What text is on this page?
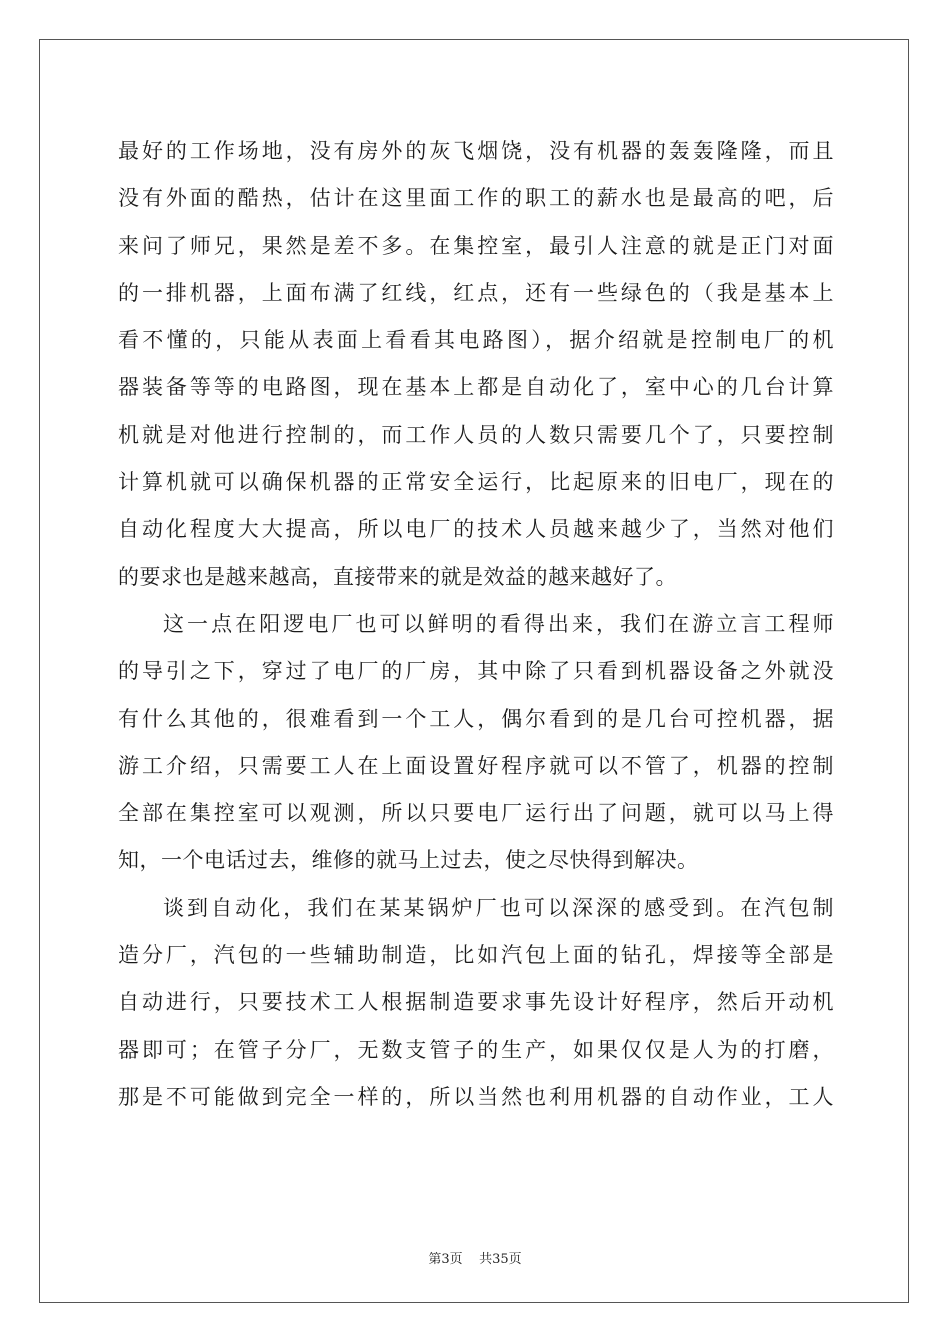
最好的工作场地，没有房外的灰飞烟饶，没有机器的轰轰隆隆，而且
没有外面的酷热，估计在这里面工作的职工的薪水也是最高的吧，后
来问了师兄，果然是差不多。在集控室，最引人注意的就是正门对面
的一排机器，上面布满了红线，红点，还有一些绿色的（我是基本上
看不懂的，只能从表面上看看其电路图），据介绍就是控制电厂的机
器装备等等的电路图，现在基本上都是自动化了，室中心的几台计算
机就是对他进行控制的，而工作人员的人数只需要几个了，只要控制
计算机就可以确保机器的正常安全运行，比起原来的旧电厂，现在的
自动化程度大大提高，所以电厂的技术人员越来越少了，当然对他们
的要求也是越来越高，直接带来的就是效益的越来越好了。
这一点在阳逻电厂也可以鲜明的看得出来，我们在游立言工程师
的导引之下，穿过了电厂的厂房，其中除了只看到机器设备之外就没
有什么其他的，很难看到一个工人，偶尔看到的是几台可控机器，据
游工介绍，只需要工人在上面设置好程序就可以不管了，机器的控制
全部在集控室可以观测，所以只要电厂运行出了问题，就可以马上得
知，一个电话过去，维修的就马上过去，使之尽快得到解决。
谈到自动化，我们在某某锅炉厂也可以深深的感受到。在汽包制
造分厂，汽包的一些辅助制造，比如汽包上面的钻孔，焊接等全部是
自动进行，只要技术工人根据制造要求事先设计好程序，然后开动机
器即可；在管子分厂，无数支管子的生产，如果仅仅是人为的打磨，
那是不可能做到完全一样的，所以当然也利用机器的自动作业，工人
第3页 共35页
